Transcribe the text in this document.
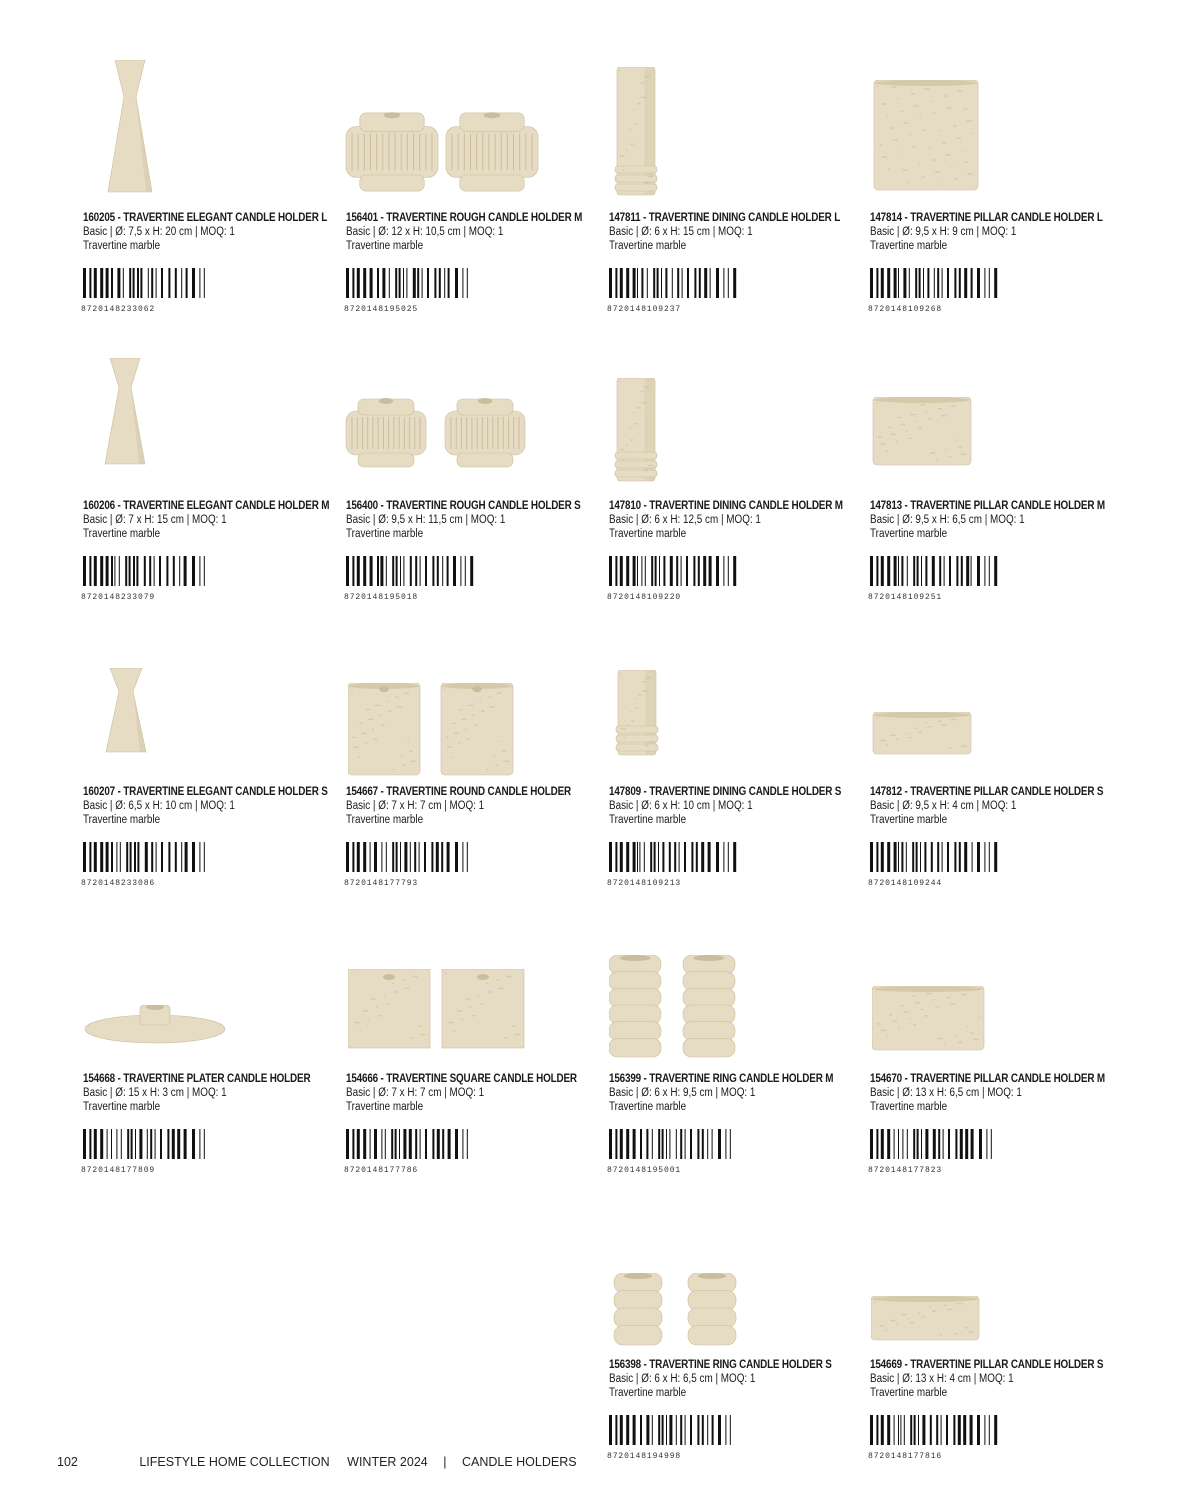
160205 - TRAVERTINE ELEGANT CANDLE HOLDER L
Basic | Ø: 7,5 x H: 20 cm | MOQ: 1
Travertine marble
8720148233062
156401 - TRAVERTINE ROUGH CANDLE HOLDER M
Basic | Ø: 12 x H: 10,5 cm | MOQ: 1
Travertine marble
8720148195025
147811 - TRAVERTINE DINING CANDLE HOLDER L
Basic | Ø: 6 x H: 15 cm | MOQ: 1
Travertine marble
8720148109237
147814 - TRAVERTINE PILLAR CANDLE HOLDER L
Basic | Ø: 9,5 x H: 9 cm | MOQ: 1
Travertine marble
8720148109268
160206 - TRAVERTINE ELEGANT CANDLE HOLDER M
Basic | Ø: 7 x H: 15 cm | MOQ: 1
Travertine marble
8720148233079
156400 - TRAVERTINE ROUGH CANDLE HOLDER S
Basic | Ø: 9,5 x H: 11,5 cm | MOQ: 1
Travertine marble
8720148195018
147810 - TRAVERTINE DINING CANDLE HOLDER M
Basic | Ø: 6 x H: 12,5 cm | MOQ: 1
Travertine marble
8720148109220
147813 - TRAVERTINE PILLAR CANDLE HOLDER M
Basic | Ø: 9,5 x H: 6,5 cm | MOQ: 1
Travertine marble
8720148109251
160207 - TRAVERTINE ELEGANT CANDLE HOLDER S
Basic | Ø: 6,5 x H: 10 cm | MOQ: 1
Travertine marble
8720148233086
154667 - TRAVERTINE ROUND CANDLE HOLDER
Basic | Ø: 7 x H: 7 cm | MOQ: 1
Travertine marble
8720148177793
147809 - TRAVERTINE DINING CANDLE HOLDER S
Basic | Ø: 6 x H: 10 cm | MOQ: 1
Travertine marble
8720148109213
147812 - TRAVERTINE PILLAR CANDLE HOLDER S
Basic | Ø: 9,5 x H: 4 cm | MOQ: 1
Travertine marble
8720148109244
154668 - TRAVERTINE PLATER CANDLE HOLDER
Basic | Ø: 15 x H: 3 cm | MOQ: 1
Travertine marble
8720148177809
154666 - TRAVERTINE SQUARE CANDLE HOLDER
Basic | Ø: 7 x H: 7 cm | MOQ: 1
Travertine marble
8720148177786
156399 - TRAVERTINE RING CANDLE HOLDER M
Basic | Ø: 6 x H: 9,5 cm | MOQ: 1
Travertine marble
8720148195001
154670 - TRAVERTINE PILLAR CANDLE HOLDER M
Basic | Ø: 13 x H: 6,5 cm | MOQ: 1
Travertine marble
8720148177823
156398 - TRAVERTINE RING CANDLE HOLDER S
Basic | Ø: 6 x H: 6,5 cm | MOQ: 1
Travertine marble
8720148194998
154669 - TRAVERTINE PILLAR CANDLE HOLDER S
Basic | Ø: 13 x H: 4 cm | MOQ: 1
Travertine marble
8720148177816
102	LIFESTYLE HOME COLLECTION WINTER 2024 | CANDLE HOLDERS
